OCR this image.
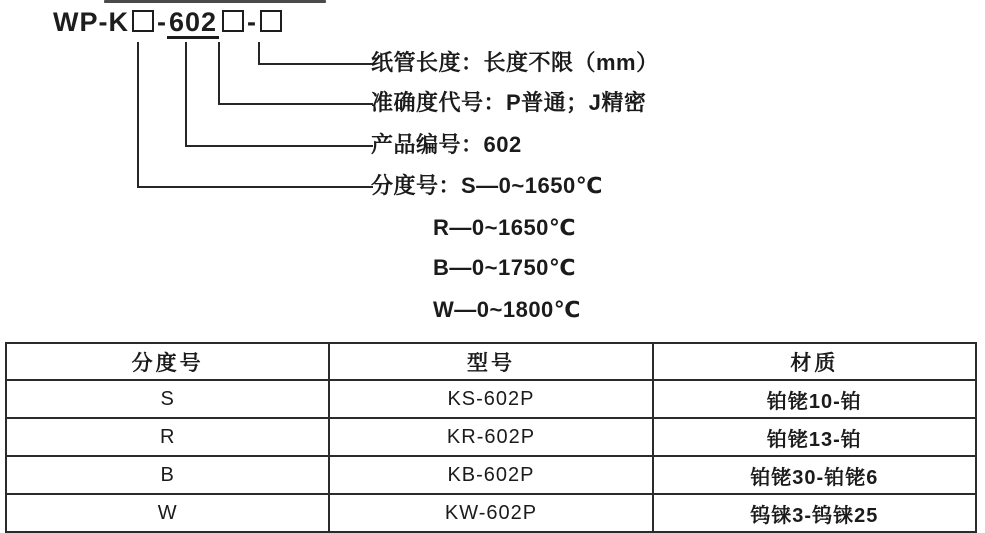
WP-K -602 -
纸管长度：长度不限（mm）
准确度代号：P普通；J精密
产品编号：602
分度号：S—0~1650℃
R—0~1650℃
B—0~1750℃
W—0~1800℃
分度号	型号	材质
S	KS-602P	铂铑10-铂
R	KR-602P	铂铑13-铂
B	KB-602P	铂铑30-铂铑6
W	KW-602P	钨铼3-钨铼25
